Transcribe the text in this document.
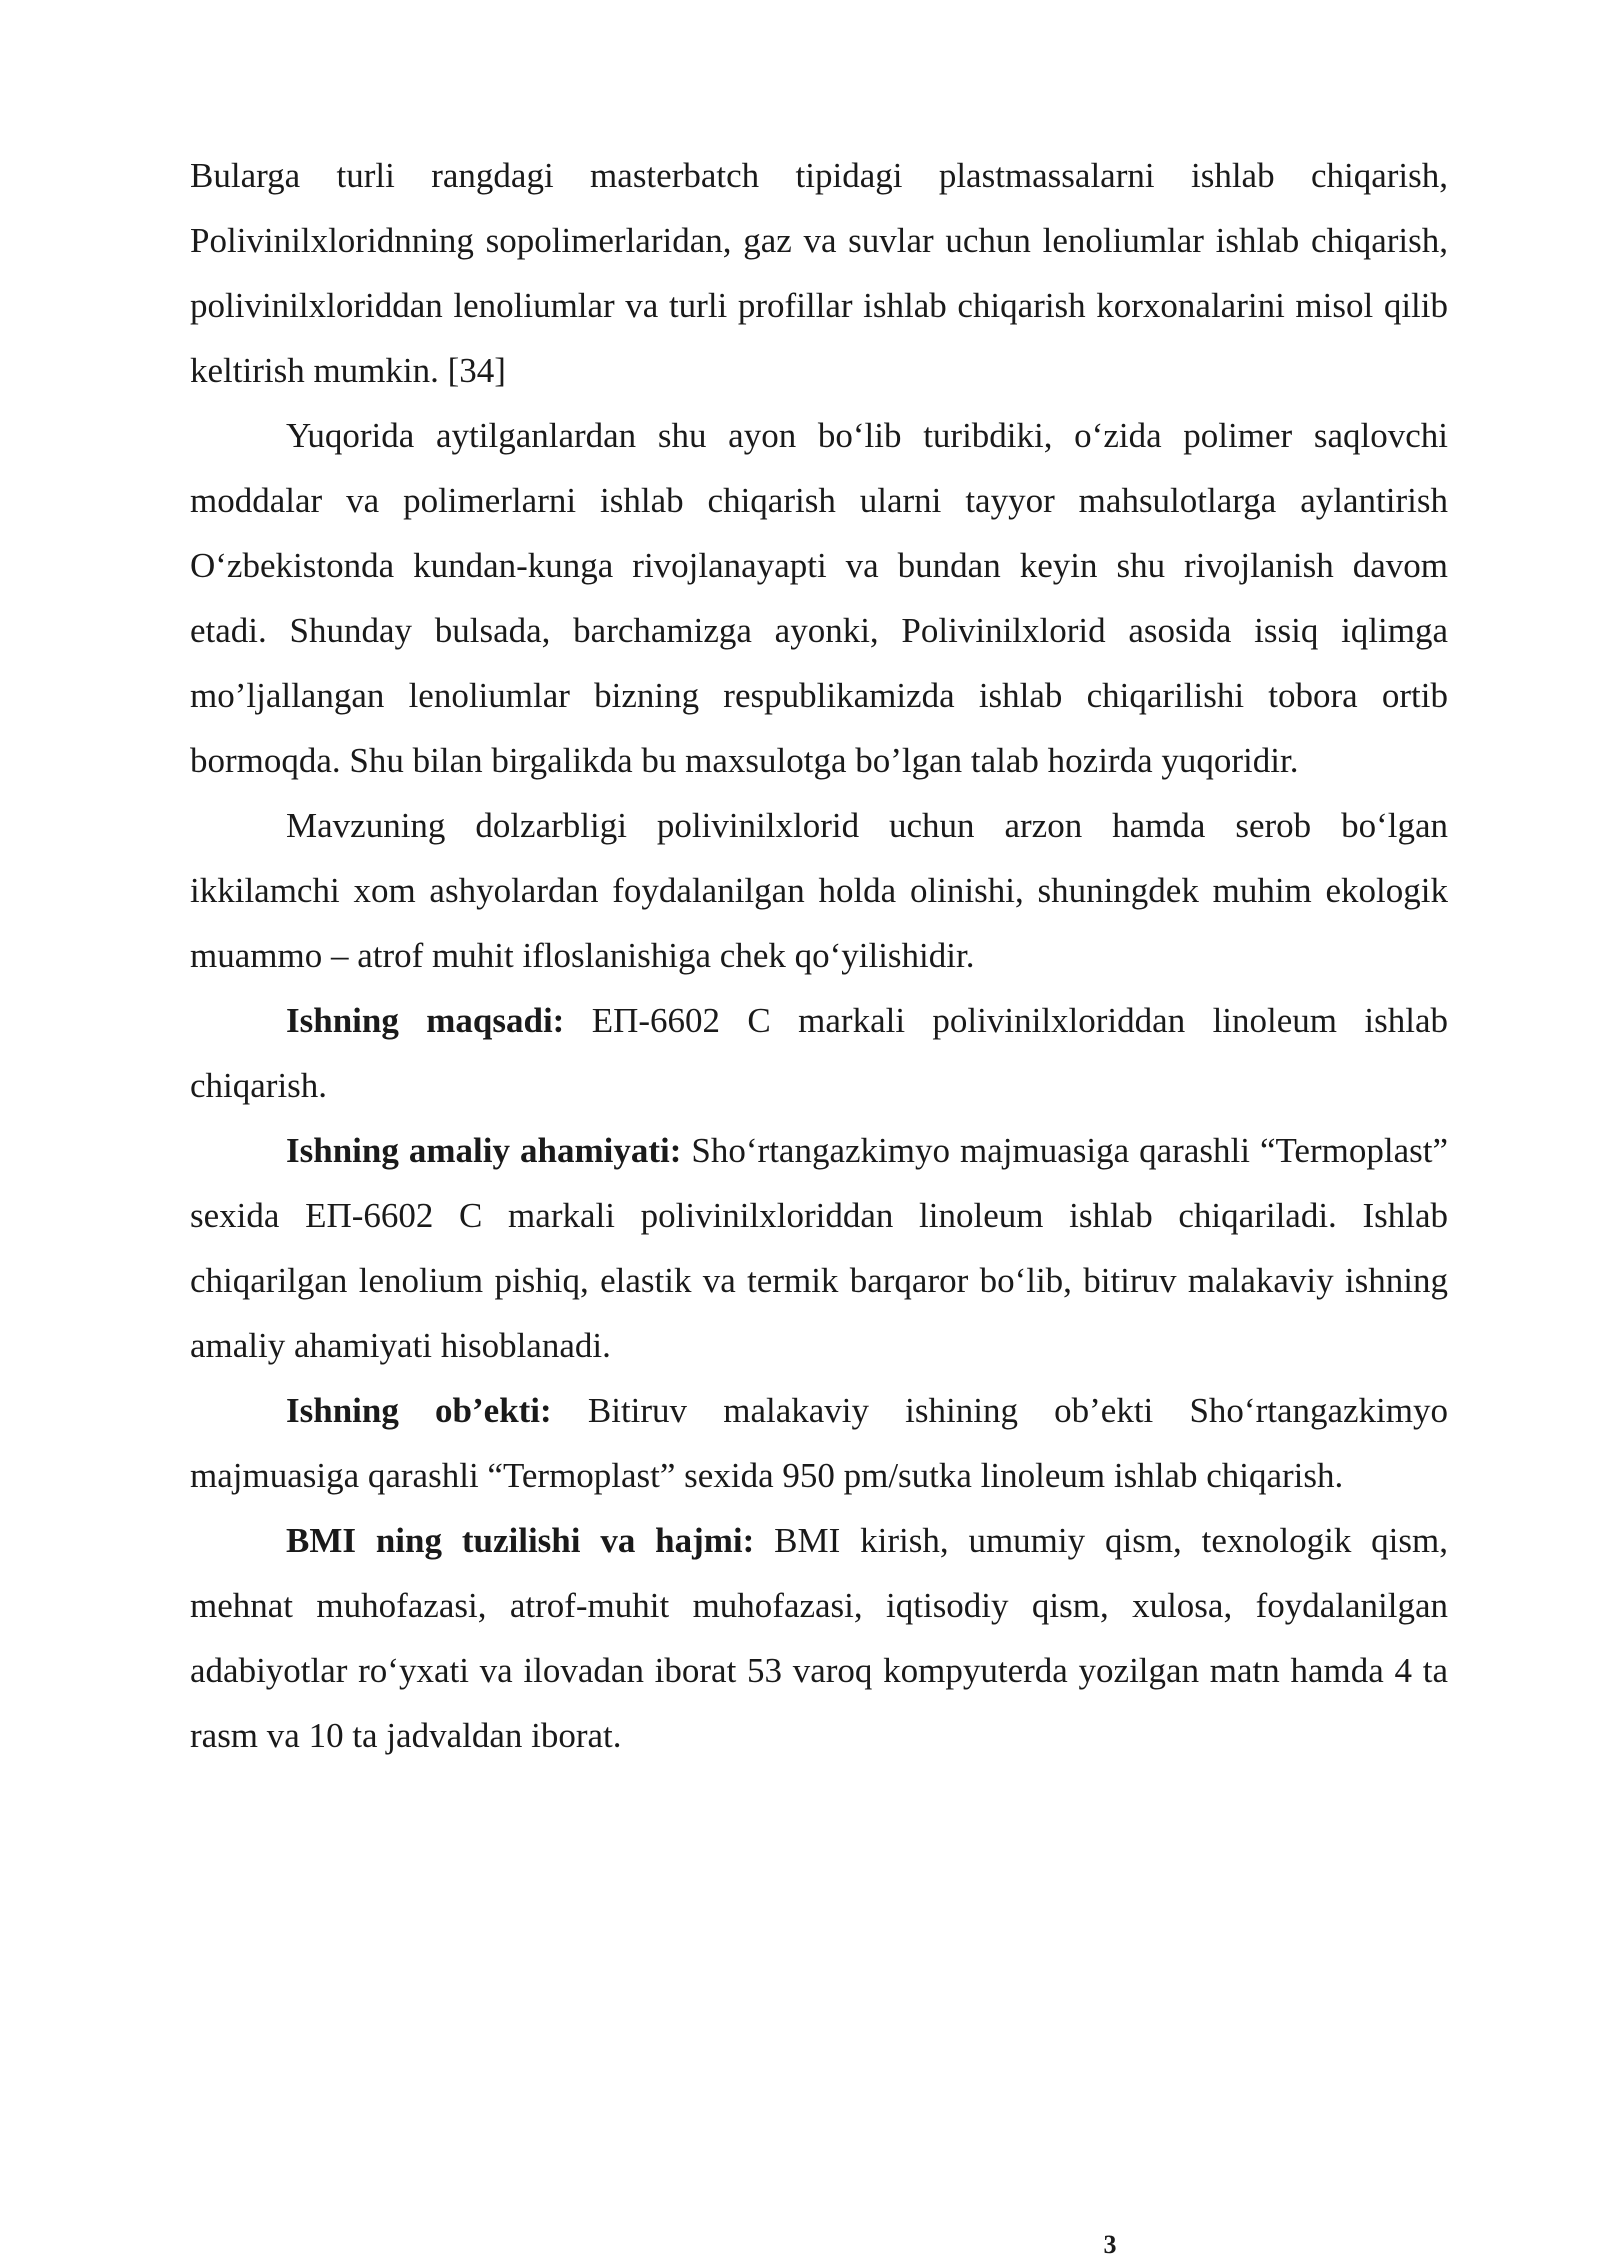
Bularga turli rangdagi masterbatch tipidagi plastmassalarni ishlab chiqarish, Polivinilxloridnning sopolimerlaridan, gaz va suvlar uchun lenoliumlar ishlab chiqarish, polivinilxloriddan lenoliumlar va turli profillar ishlab chiqarish korxonalarini misol qilib keltirish mumkin. [34]

Yuqorida aytilganlardan shu ayon bo‘lib turibdiki, o‘zida polimer saqlovchi moddalar va polimerlarni ishlab chiqarish ularni tayyor mahsulotlarga aylantirish O‘zbekistonda kundan-kunga rivojlanayapti va bundan keyin shu rivojlanish davom etadi. Shunday bulsada, barchamizga ayonki, Polivinilxlorid asosida issiq iqlimga mo’ljallangan lenoliumlar bizning respublikamizda ishlab chiqarilishi tobora ortib bormoqda. Shu bilan birgalikda bu maxsulotga bo’lgan talab hozirda yuqoridir.

Mavzuning dolzarbligi polivinilxlorid uchun arzon hamda serob bo‘lgan ikkilamchi xom ashyolardan foydalanilgan holda olinishi, shuningdek muhim ekologik muammo – atrof muhit ifloslanishiga chek qo‘yilishidir.

Ishning maqsadi: ЕП-6602 С markali polivinilxloriddan linoleum ishlab chiqarish.

Ishning amaliy ahamiyati: Sho‘rtangazkimyo majmuasiga qarashli “Termoplast” sexida ЕП-6602 С markali polivinilxloriddan linoleum ishlab chiqariladi. Ishlab chiqarilgan lenolium pishiq, elastik va termik barqaror bo‘lib, bitiruv malakaviy ishning amaliy ahamiyati hisoblanadi.

Ishning ob’ekti: Bitiruv malakaviy ishining ob’ekti Sho‘rtangazkimyo majmuasiga qarashli “Termoplast” sexida 950 pm/sutka linoleum ishlab chiqarish.

BMI ning tuzilishi va hajmi: BMI kirish, umumiy qism, texnologik qism, mehnat muhofazasi, atrof-muhit muhofazasi, iqtisodiy qism, xulosa, foydalanilgan adabiyotlar ro‘yxati va ilovadan iborat 53 varoq kompyuterda yozilgan matn hamda 4 ta rasm va 10 ta jadvaldan iborat.

3
